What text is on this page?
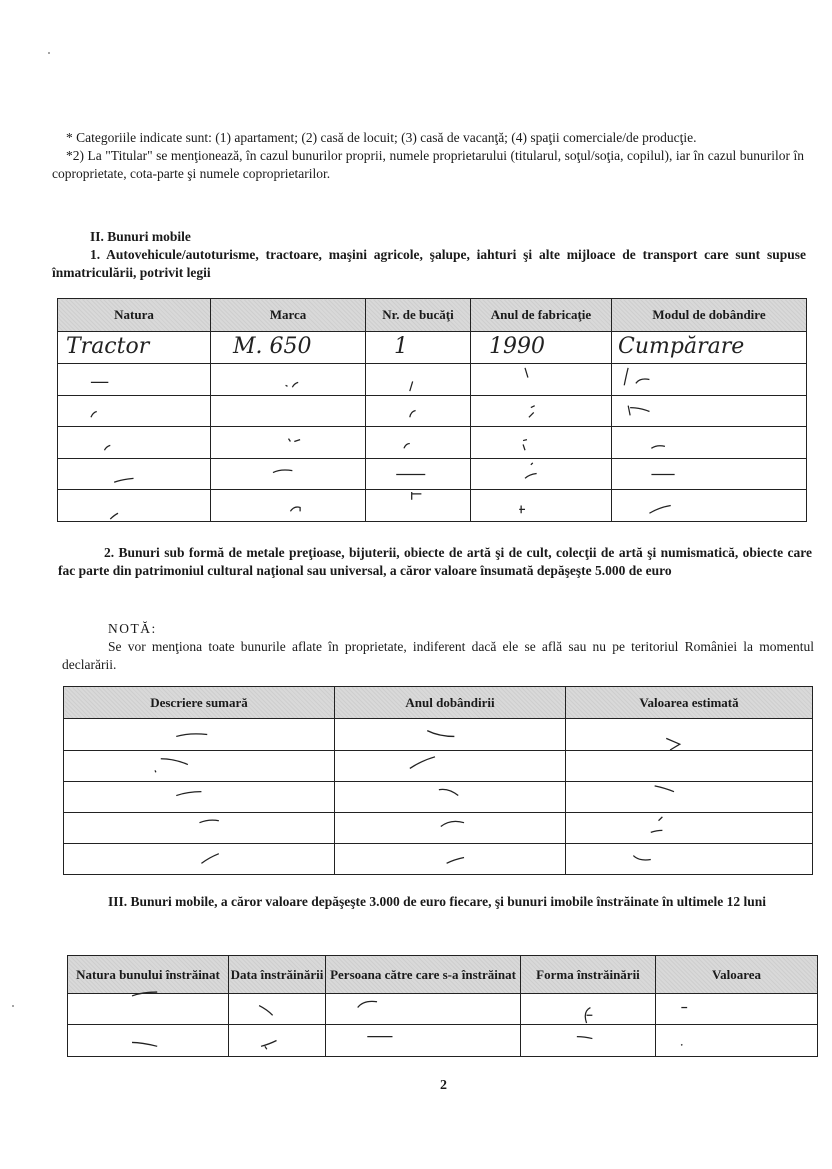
* Categoriile indicate sunt: (1) apartament; (2) casă de locuit; (3) casă de vacanţă; (4) spaţii comerciale/de producţie.

*2) La "Titular" se menţionează, în cazul bunurilor proprii, numele proprietarului (titularul, soţul/soţia, copilul), iar în cazul bunurilor în coproprietate, cota-parte şi numele coproprietarilor.

II. Bunuri mobile
1. Autovehicule/autoturisme, tractoare, maşini agricole, şalupe, iahturi şi alte mijloace de transport care sunt supuse înmatriculării, potrivit legii
Natura	Marca	Nr. de bucăţi	Anul de fabricaţie	Modul de dobândire

Tractor	M. 650	1	1990	Cumpărare

2. Bunuri sub formă de metale preţioase, bijuterii, obiecte de artă şi de cult, colecţii de artă şi numismatică, obiecte care fac parte din patrimoniul cultural naţional sau universal, a căror valoare însumată depăşeşte 5.000 de euro
NOTĂ:
Se vor menţiona toate bunurile aflate în proprietate, indiferent dacă ele se află sau nu pe teritoriul României la momentul declarării.
Descriere sumară	Anul dobândirii	Valoarea estimată

III. Bunuri mobile, a căror valoare depăşeşte 3.000 de euro fiecare, şi bunuri imobile înstrăinate în ultimele 12 luni
Natura bunului înstrăinat	Data înstrăinării	Persoana către care s-a înstrăinat	Forma înstrăinării	Valoarea

2
